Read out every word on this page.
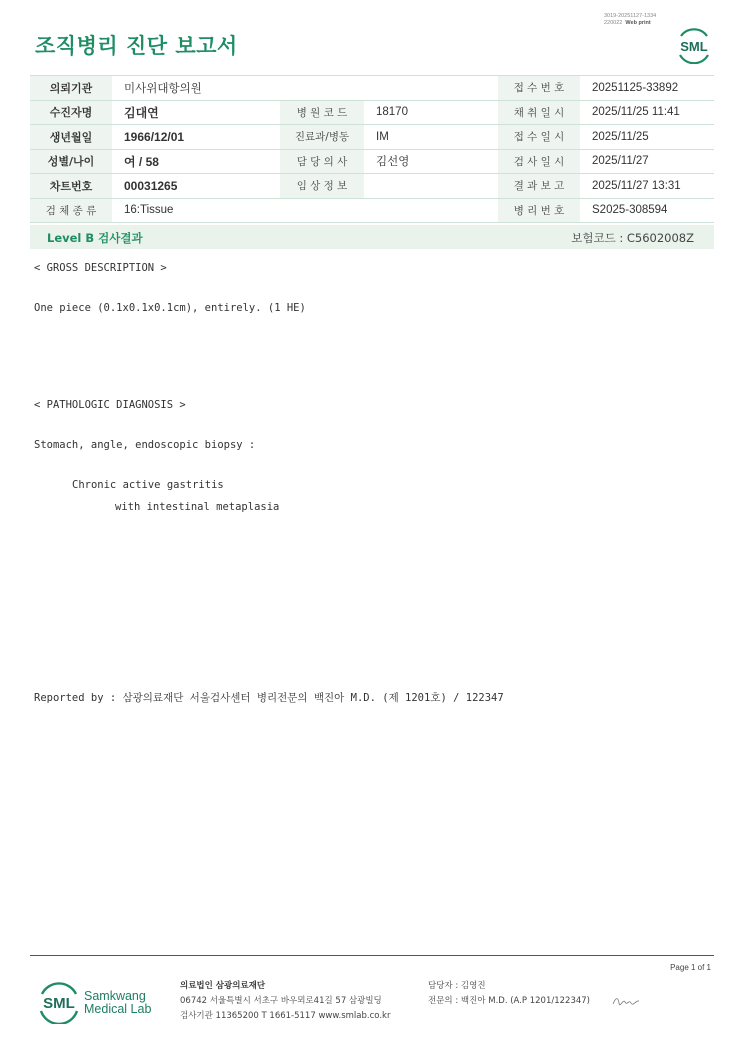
조직병리 진단 보고서
3019-20251127-1334
220022 Web print
SML
의뢰기관	미사위대항의원			접 수 번 호	20251125-33892
수진자명	김대연	병 원 코 드	18170	채 취 일 시	2025/11/25 11:41
생년월일	1966/12/01	진료과/병동	IM	접 수 일 시	2025/11/25
성별/나이	여 / 58	담 당 의 사	김선영	검 사 일 시	2025/11/27
차트번호	00031265	임 상 정 보		결 과 보 고	2025/11/27 13:31
검 체 종 류	16:Tissue			병 리 번 호	S2025-308594
Level B 검사결과	보험코드 : C5602008Z
< GROSS DESCRIPTION >
One piece (0.1x0.1x0.1cm), entirely. (1 HE)
< PATHOLOGIC DIAGNOSIS >
Stomach, angle, endoscopic biopsy :
Chronic active gastritis
with intestinal metaplasia
Reported by : 삼광의료재단 서울검사센터 병리전문의 백진아 M.D. (제 1201호) / 122347
Page 1 of 1
SML Samkwang
Medical Lab
의료법인 삼광의료재단
06742 서울특별시 서초구 바우뫼로41길 57 삼광빌딩
검사기관 11365200 T 1661-5117 www.smlab.co.kr
담당자 : 김영진
전문의 : 백진아 M.D. (A.P 1201/122347)
